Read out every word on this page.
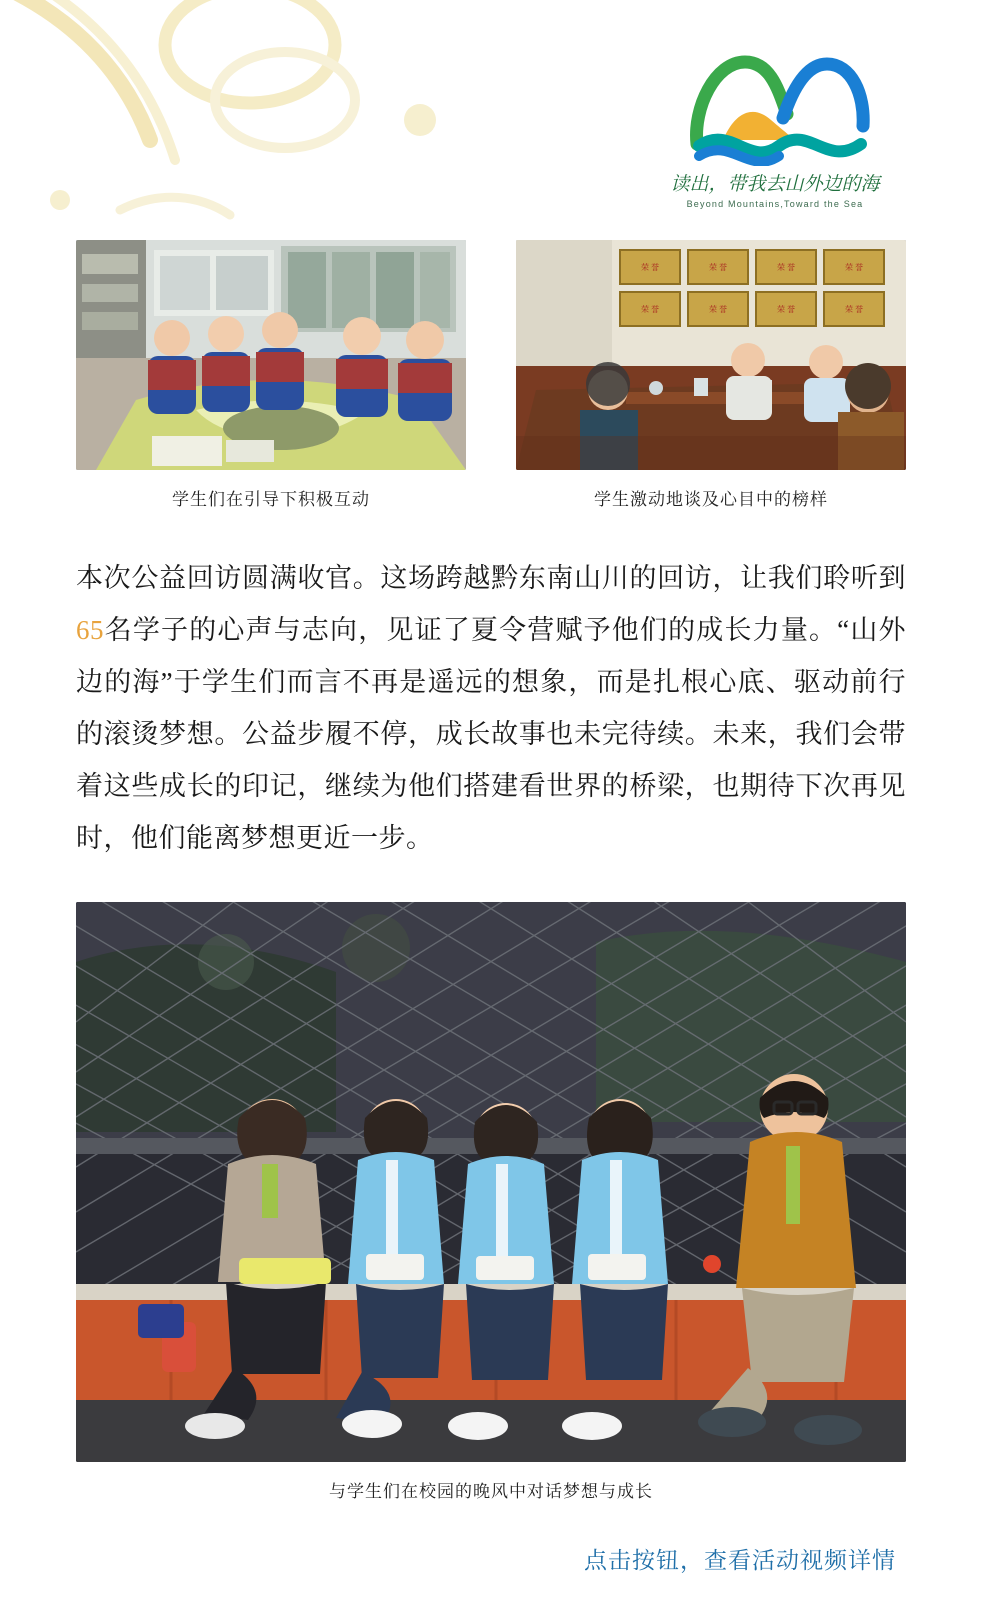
读出，带我去山外边的海
Beyond Mountains,Toward the Sea
学生们在引导下积极互动
荣 誉	荣 誉	荣 誉	荣 誉
荣 誉	荣 誉	荣 誉	荣 誉
学生激动地谈及心目中的榜样
本次公益回访圆满收官。这场跨越黔东南山川的回访，让我们聆听到65名学子的心声与志向，见证了夏令营赋予他们的成长力量。“山外边的海”于学生们而言不再是遥远的想象，而是扎根心底、驱动前行的滚烫梦想。公益步履不停，成长故事也未完待续。未来，我们会带着这些成长的印记，继续为他们搭建看世界的桥梁，也期待下次再见时，他们能离梦想更近一步。
与学生们在校园的晚风中对话梦想与成长
点击按钮，查看活动视频详情
